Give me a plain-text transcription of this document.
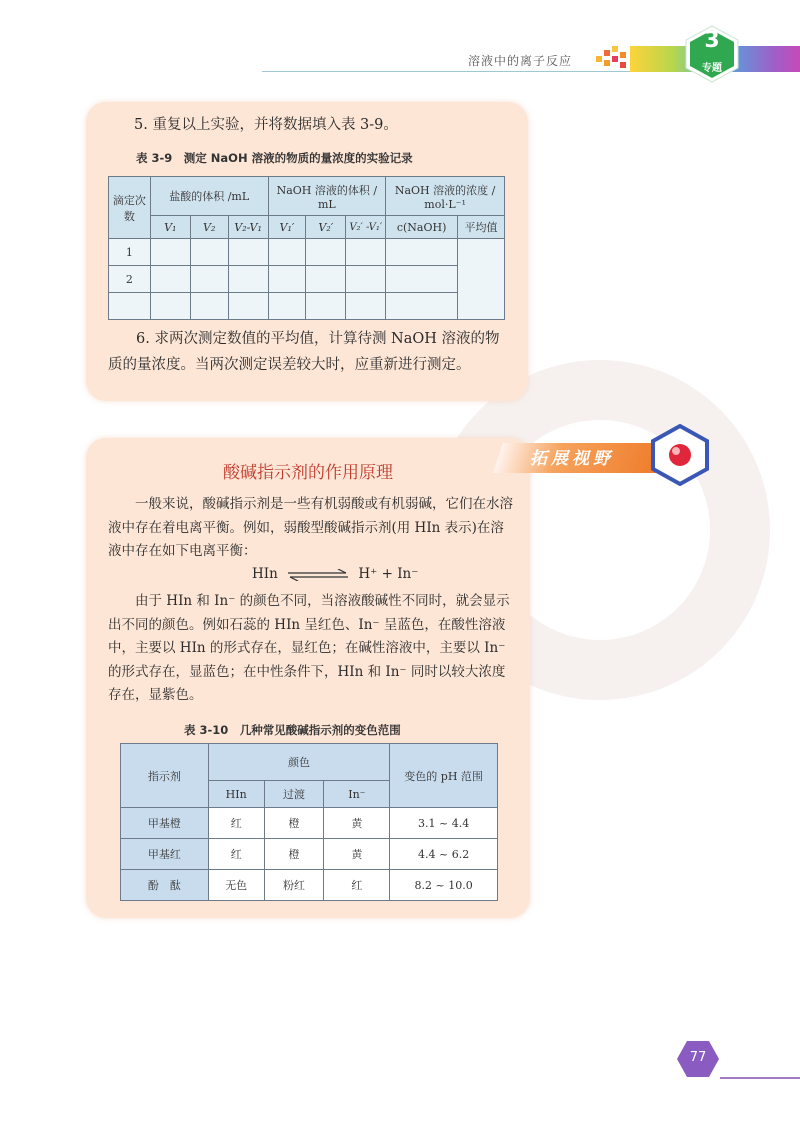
溶液中的离子反应
3
专题
5. 重复以上实验，并将数据填入表 3-9。
表 3-9　测定 NaOH 溶液的物质的量浓度的实验记录
滴定次数	盐酸的体积 /mL			NaOH 溶液的体积 / mL			NaOH 溶液的浓度 / mol·L⁻¹	
	V₁	V₂	V₂-V₁	V₁′	V₂′	V₂′ -V₁′	c(NaOH)	平均值
1								
2								

6. 求两次测定数值的平均值，计算待测 NaOH 溶液的物质的量浓度。当两次测定误差较大时，应重新进行测定。
拓展视野
酸碱指示剂的作用原理
一般来说，酸碱指示剂是一些有机弱酸或有机弱碱，它们在水溶液中存在着电离平衡。例如，弱酸型酸碱指示剂(用 HIn 表示)在溶液中存在如下电离平衡：
HIn	H⁺ + In⁻
由于 HIn 和 In⁻ 的颜色不同，当溶液酸碱性不同时，就会显示出不同的颜色。例如石蕊的 HIn 呈红色、In⁻ 呈蓝色，在酸性溶液中，主要以 HIn 的形式存在，显红色；在碱性溶液中，主要以 In⁻ 的形式存在，显蓝色；在中性条件下，HIn 和 In⁻ 同时以较大浓度存在，显紫色。
表 3-10　几种常见酸碱指示剂的变色范围
指示剂	颜色			变色的 pH 范围
	HIn	过渡	In⁻	
甲基橙	红	橙	黄	3.1 ~ 4.4
甲基红	红	橙	黄	4.4 ~ 6.2
酚　酞	无色	粉红	红	8.2 ~ 10.0
77
